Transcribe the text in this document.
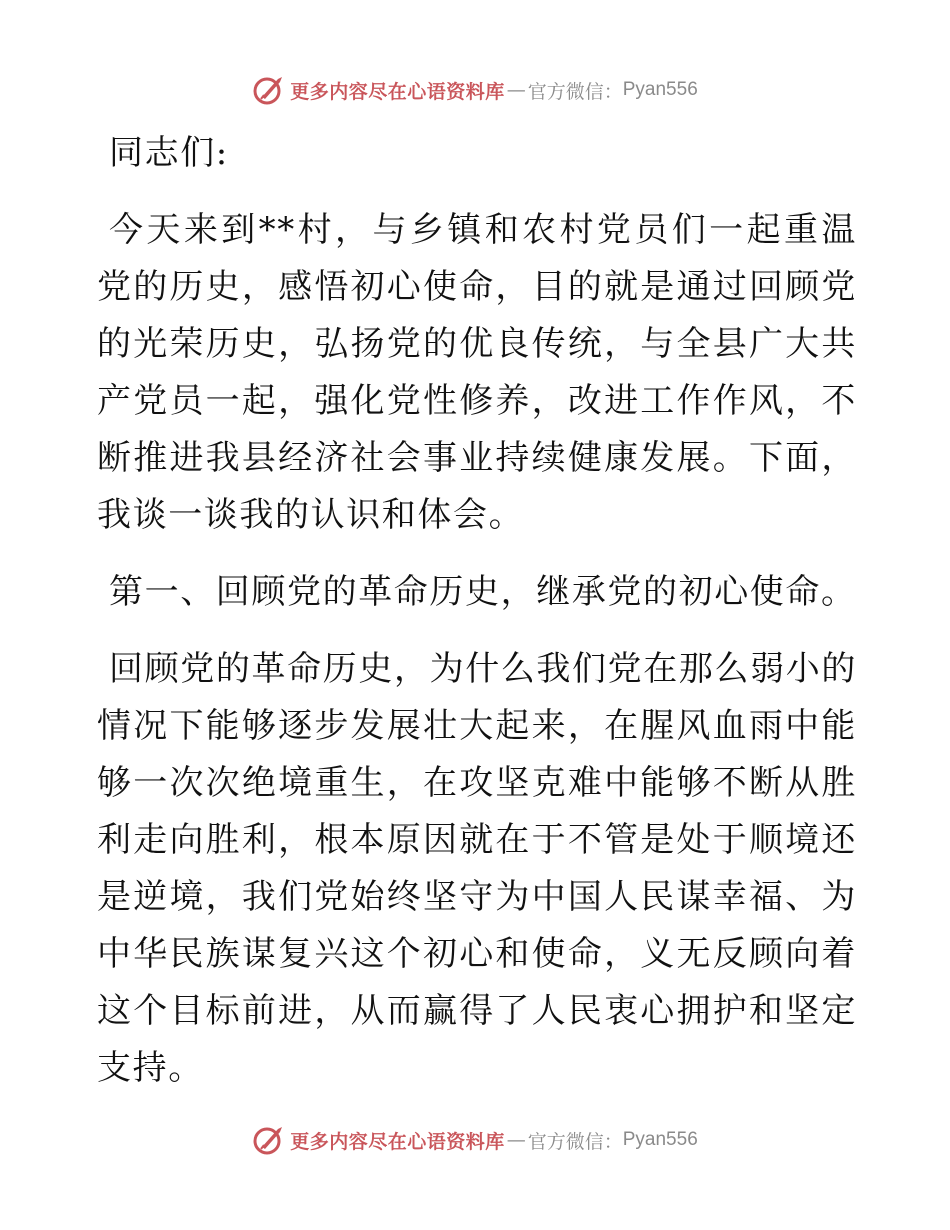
更多内容尽在心语资料库 — 官方微信： Pyan556

同志们:

今天来到**村，与乡镇和农村党员们一起重温党的历史，感悟初心使命，目的就是通过回顾党的光荣历史，弘扬党的优良传统，与全县广大共产党员一起，强化党性修养，改进工作作风，不断推进我县经济社会事业持续健康发展。下面，我谈一谈我的认识和体会。

第一、回顾党的革命历史，继承党的初心使命。

回顾党的革命历史，为什么我们党在那么弱小的情况下能够逐步发展壮大起来，在腥风血雨中能够一次次绝境重生，在攻坚克难中能够不断从胜利走向胜利，根本原因就在于不管是处于顺境还是逆境，我们党始终坚守为中国人民谋幸福、为中华民族谋复兴这个初心和使命，义无反顾向着这个目标前进，从而赢得了人民衷心拥护和坚定支持。

更多内容尽在心语资料库 — 官方微信： Pyan556
